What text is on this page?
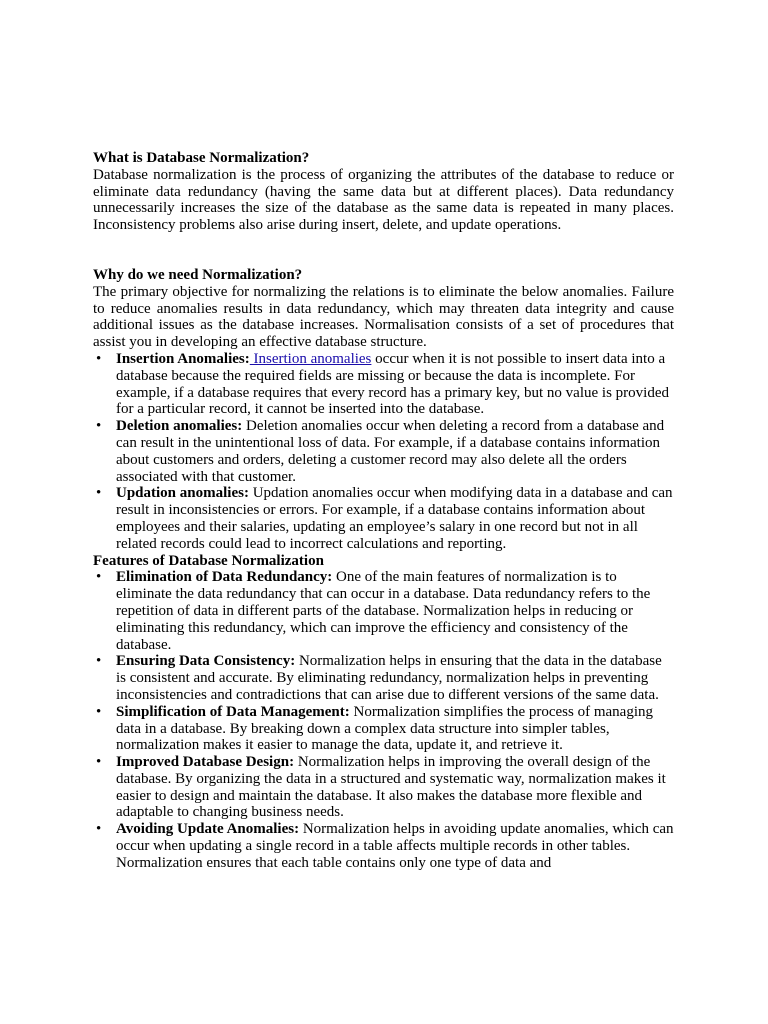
What is Database Normalization?

Database normalization is the process of organizing the attributes of the database to reduce or eliminate data redundancy (having the same data but at different places). Data redundancy unnecessarily increases the size of the database as the same data is repeated in many places. Inconsistency problems also arise during insert, delete, and update operations.

Why do we need Normalization?

The primary objective for normalizing the relations is to eliminate the below anomalies. Failure to reduce anomalies results in data redundancy, which may threaten data integrity and cause additional issues as the database increases. Normalisation consists of a set of procedures that assist you in developing an effective database structure.

• Insertion Anomalies: Insertion anomalies occur when it is not possible to insert data into a database because the required fields are missing or because the data is incomplete. For example, if a database requires that every record has a primary key, but no value is provided for a particular record, it cannot be inserted into the database.
• Deletion anomalies: Deletion anomalies occur when deleting a record from a database and can result in the unintentional loss of data. For example, if a database contains information about customers and orders, deleting a customer record may also delete all the orders associated with that customer.
• Updation anomalies: Updation anomalies occur when modifying data in a database and can result in inconsistencies or errors. For example, if a database contains information about employees and their salaries, updating an employee’s salary in one record but not in all related records could lead to incorrect calculations and reporting.

Features of Database Normalization

• Elimination of Data Redundancy: One of the main features of normalization is to eliminate the data redundancy that can occur in a database. Data redundancy refers to the repetition of data in different parts of the database. Normalization helps in reducing or eliminating this redundancy, which can improve the efficiency and consistency of the database.
• Ensuring Data Consistency: Normalization helps in ensuring that the data in the database is consistent and accurate. By eliminating redundancy, normalization helps in preventing inconsistencies and contradictions that can arise due to different versions of the same data.
• Simplification of Data Management: Normalization simplifies the process of managing data in a database. By breaking down a complex data structure into simpler tables, normalization makes it easier to manage the data, update it, and retrieve it.
• Improved Database Design: Normalization helps in improving the overall design of the database. By organizing the data in a structured and systematic way, normalization makes it easier to design and maintain the database. It also makes the database more flexible and adaptable to changing business needs.
• Avoiding Update Anomalies: Normalization helps in avoiding update anomalies, which can occur when updating a single record in a table affects multiple records in other tables. Normalization ensures that each table contains only one type of data and
